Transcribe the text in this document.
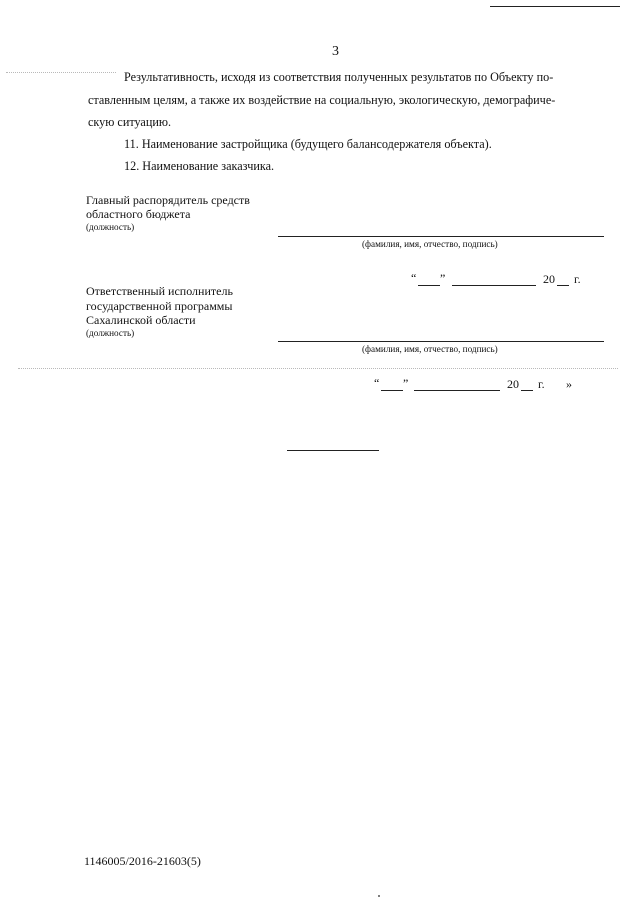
3
Результативность, исходя из соответствия полученных результатов по Объекту по-
ставленным целям, а также их воздействие на социальную, экологическую, демографиче-
скую ситуацию.
11. Наименование застройщика (будущего балансодержателя объекта).
12. Наименование заказчика.
Главный распорядитель средств
областного бюджета
(должность)
(фамилия, имя, отчество, подпись)
“ ”	20 г.
Ответственный исполнитель
государственной программы
Сахалинской области
(должность)
(фамилия, имя, отчество, подпись)
“ ”	20 г. »
1146005/2016-21603(5)
